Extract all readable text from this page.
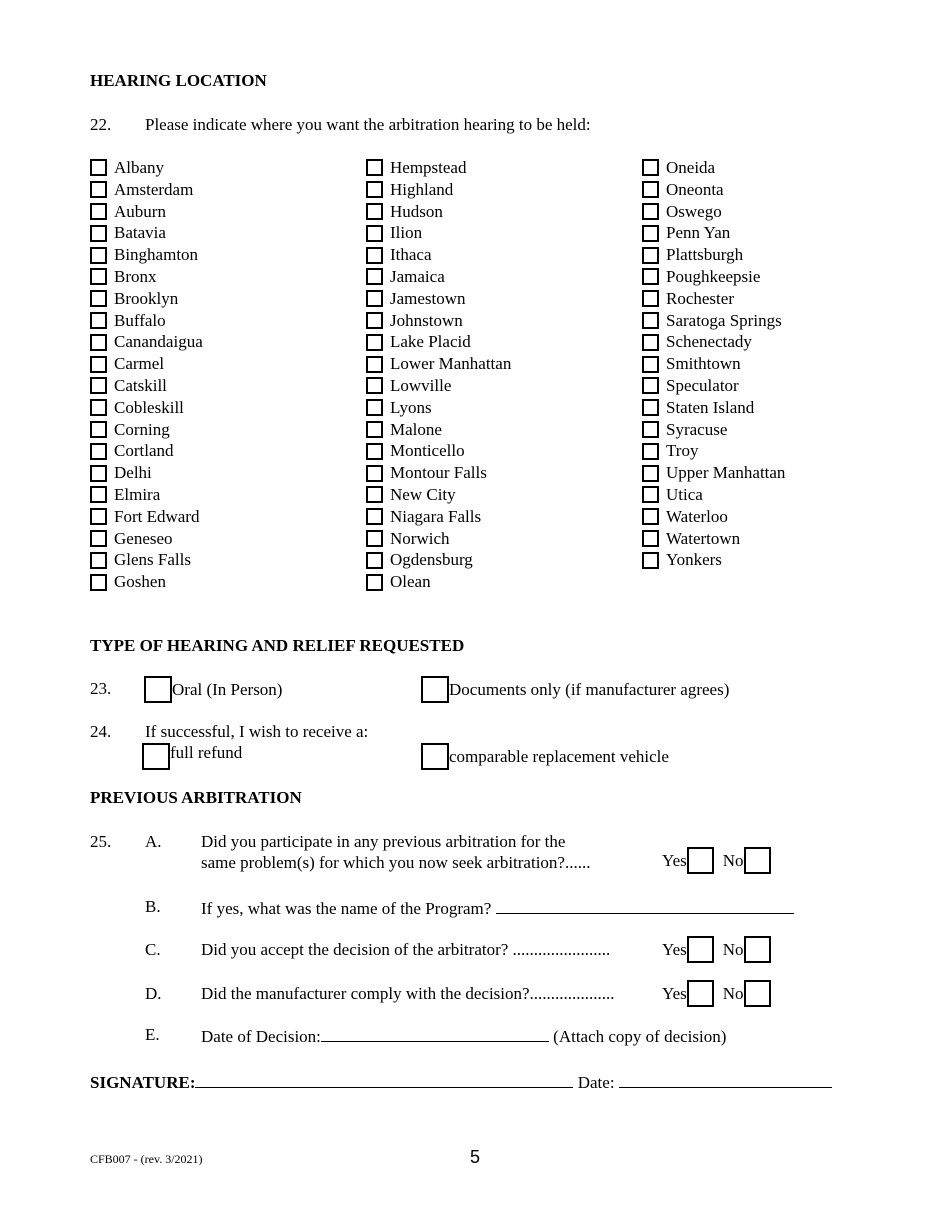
HEARING LOCATION
22. Please indicate where you want the arbitration hearing to be held:
Albany
Amsterdam
Auburn
Batavia
Binghamton
Bronx
Brooklyn
Buffalo
Canandaigua
Carmel
Catskill
Cobleskill
Corning
Cortland
Delhi
Elmira
Fort Edward
Geneseo
Glens Falls
Goshen
Hempstead
Highland
Hudson
Ilion
Ithaca
Jamaica
Jamestown
Johnstown
Lake Placid
Lower Manhattan
Lowville
Lyons
Malone
Monticello
Montour Falls
New City
Niagara Falls
Norwich
Ogdensburg
Olean
Oneida
Oneonta
Oswego
Penn Yan
Plattsburgh
Poughkeepsie
Rochester
Saratoga Springs
Schenectady
Smithtown
Speculator
Staten Island
Syracuse
Troy
Upper Manhattan
Utica
Waterloo
Watertown
Yonkers
TYPE OF HEARING AND RELIEF REQUESTED
23.	Oral (In Person)	Documents only (if manufacturer agrees)
24. If successful, I wish to receive a:
full refund	comparable replacement vehicle
PREVIOUS ARBITRATION
25. A. Did you participate in any previous arbitration for the
same problem(s) for which you now seek arbitration?......	Yes No
B. If yes, what was the name of the Program?
C. Did you accept the decision of the arbitrator? .......................	Yes No
D. Did the manufacturer comply with the decision?....................	Yes No
E. Date of Decision:	(Attach copy of decision)
SIGNATURE:	Date:
CFB007 - (rev. 3/2021)	5
